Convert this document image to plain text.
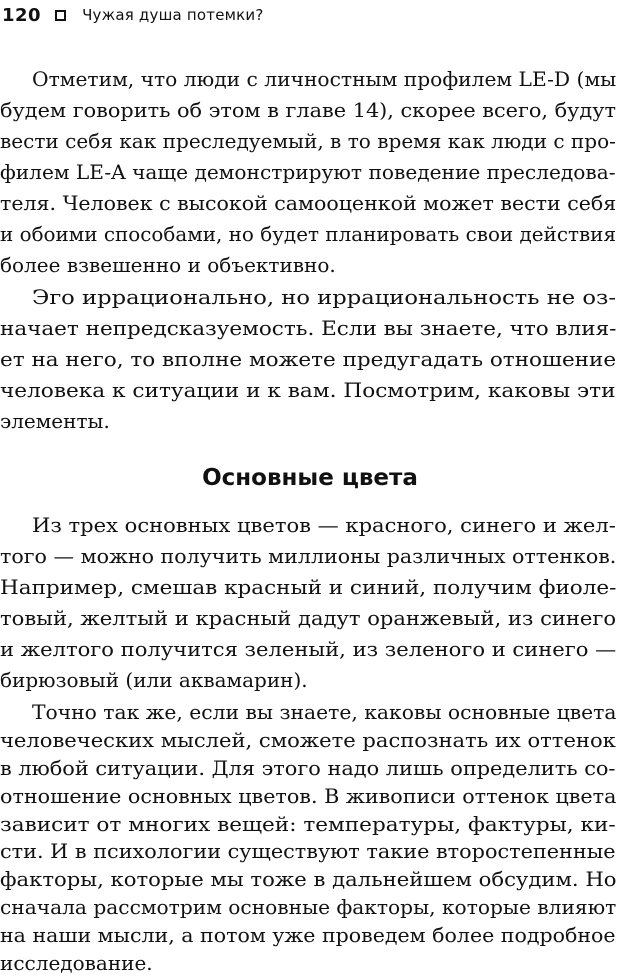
120	Чужая душа потемки?
Отметим, что люди с личностным профилем LE-D (мы
будем говорить об этом в главе 14), скорее всего, будут
вести себя как преследуемый, в то время как люди с про-
филем LE-A чаще демонстрируют поведение преследова-
теля. Человек с высокой самооценкой может вести себя
и обоими способами, но будет планировать свои действия
более взвешенно и объективно.
Эго иррационально, но иррациональность не оз-
начает непредсказуемость. Если вы знаете, что влия-
ет на него, то вполне можете предугадать отношение
человека к ситуации и к вам. Посмотрим, каковы эти
элементы.
Основные цвета
Из трех основных цветов — красного, синего и жел-
того — можно получить миллионы различных оттенков.
Например, смешав красный и синий, получим фиоле-
товый, желтый и красный дадут оранжевый, из синего
и желтого получится зеленый, из зеленого и синего —
бирюзовый (или аквамарин).
Точно так же, если вы знаете, каковы основные цвета
человеческих мыслей, сможете распознать их оттенок
в любой ситуации. Для этого надо лишь определить со-
отношение основных цветов. В живописи оттенок цвета
зависит от многих вещей: температуры, фактуры, ки-
сти. И в психологии существуют такие второстепенные
факторы, которые мы тоже в дальнейшем обсудим. Но
сначала рассмотрим основные факторы, которые влияют
на наши мысли, а потом уже проведем более подробное
исследование.
